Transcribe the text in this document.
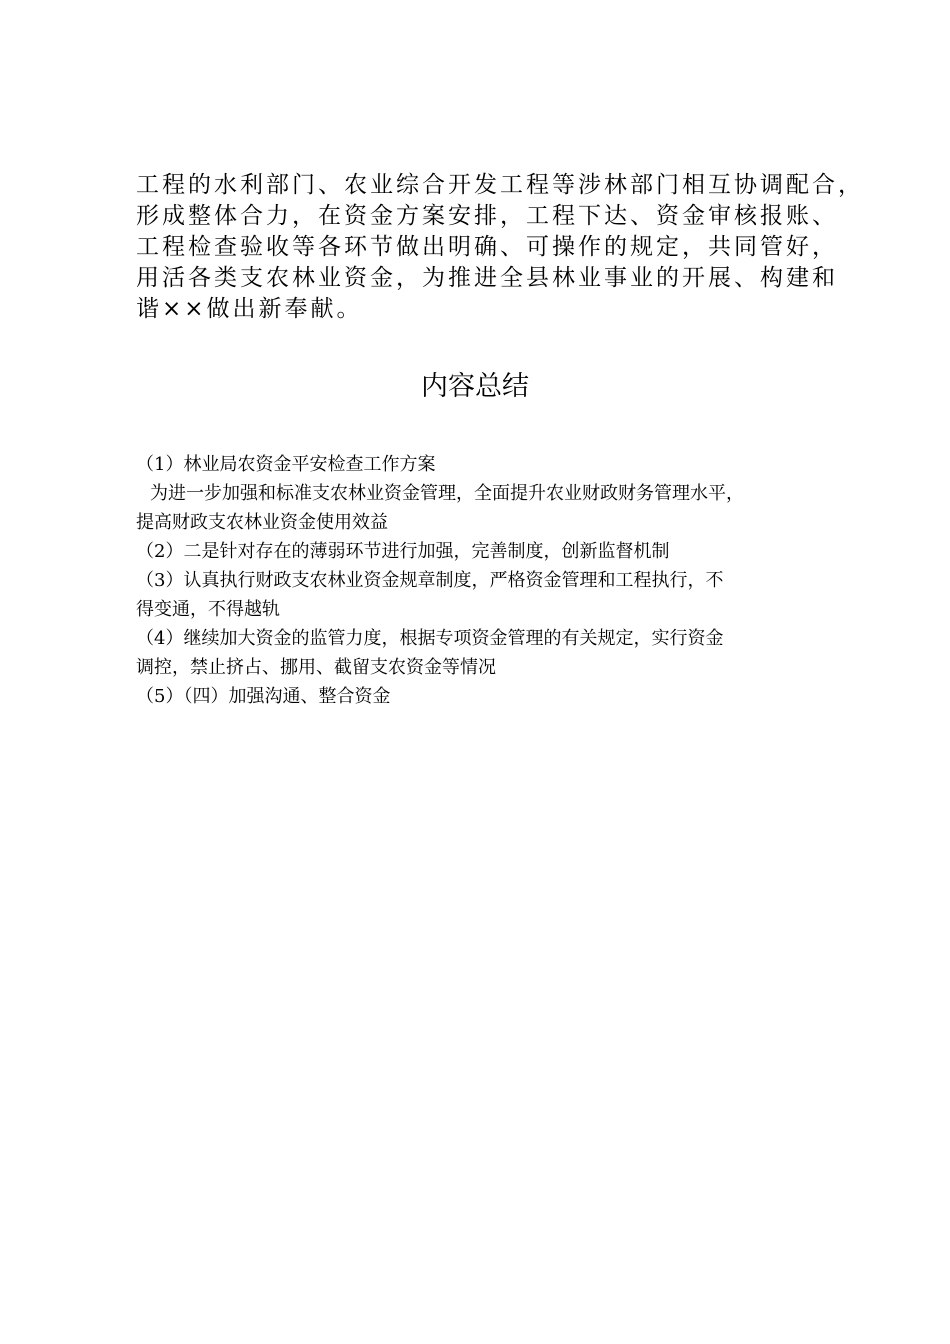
工程的水利部门、农业综合开发工程等涉林部门相互协调配合，
形成整体合力，在资金方案安排，工程下达、资金审核报账、
工程检查验收等各环节做出明确、可操作的规定，共同管好，
用活各类支农林业资金，为推进全县林业事业的开展、构建和
谐××做出新奉献。

内容总结
（1）林业局农资金平安检查工作方案
为进一步加强和标准支农林业资金管理，全面提升农业财政财务管理水平，
提高财政支农林业资金使用效益
（2）二是针对存在的薄弱环节进行加强，完善制度，创新监督机制
（3）认真执行财政支农林业资金规章制度，严格资金管理和工程执行，不
得变通，不得越轨
（4）继续加大资金的监管力度，根据专项资金管理的有关规定，实行资金
调控，禁止挤占、挪用、截留支农资金等情况
（5）（四）加强沟通、整合资金
